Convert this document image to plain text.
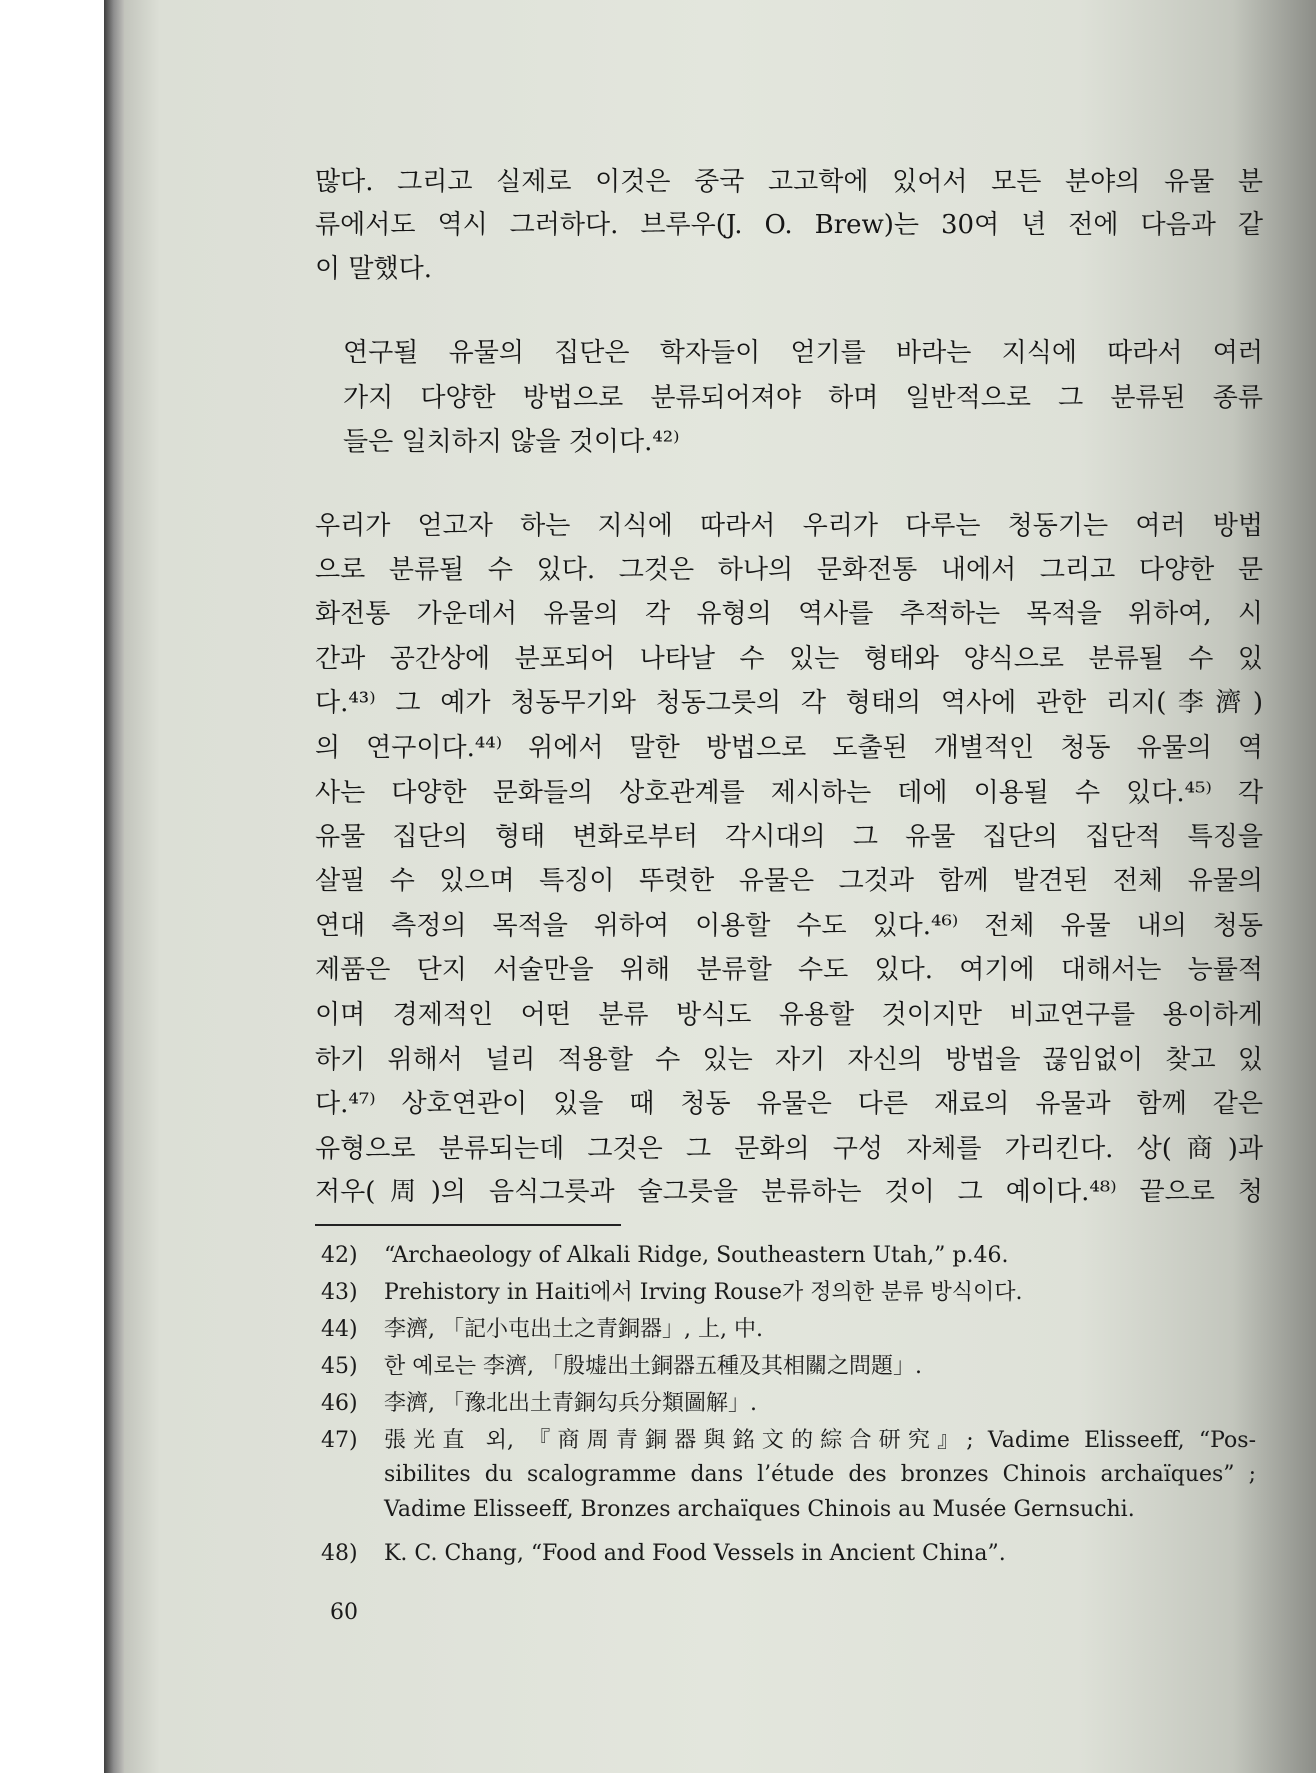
많다. 그리고 실제로 이것은 중국 고고학에 있어서 모든 분야의 유물 분
류에서도 역시 그러하다. 브루우(J. O. Brew)는 30여 년 전에 다음과 같
이 말했다.
연구될 유물의 집단은 학자들이 얻기를 바라는 지식에 따라서 여러
가지 다양한 방법으로 분류되어져야 하며 일반적으로 그 분류된 종류
들은 일치하지 않을 것이다.⁴²⁾
우리가 얻고자 하는 지식에 따라서 우리가 다루는 청동기는 여러 방법
으로 분류될 수 있다. 그것은 하나의 문화전통 내에서 그리고 다양한 문
화전통 가운데서 유물의 각 유형의 역사를 추적하는 목적을 위하여, 시
간과 공간상에 분포되어 나타날 수 있는 형태와 양식으로 분류될 수 있
다.⁴³⁾ 그 예가 청동무기와 청동그릇의 각 형태의 역사에 관한 리지(李濟)
의 연구이다.⁴⁴⁾ 위에서 말한 방법으로 도출된 개별적인 청동 유물의 역
사는 다양한 문화들의 상호관계를 제시하는 데에 이용될 수 있다.⁴⁵⁾ 각
유물 집단의 형태 변화로부터 각시대의 그 유물 집단의 집단적 특징을
살필 수 있으며 특징이 뚜렷한 유물은 그것과 함께 발견된 전체 유물의
연대 측정의 목적을 위하여 이용할 수도 있다.⁴⁶⁾ 전체 유물 내의 청동
제품은 단지 서술만을 위해 분류할 수도 있다. 여기에 대해서는 능률적
이며 경제적인 어떤 분류 방식도 유용할 것이지만 비교연구를 용이하게
하기 위해서 널리 적용할 수 있는 자기 자신의 방법을 끊임없이 찾고 있
다.⁴⁷⁾ 상호연관이 있을 때 청동 유물은 다른 재료의 유물과 함께 같은
유형으로 분류되는데 그것은 그 문화의 구성 자체를 가리킨다. 상(商)과
저우(周)의 음식그릇과 술그릇을 분류하는 것이 그 예이다.⁴⁸⁾ 끝으로 청
42)	“Archaeology of Alkali Ridge, Southeastern Utah,” p.46.
43)	Prehistory in Haiti에서 Irving Rouse가 정의한 분류 방식이다.
44)	李濟, 「記小屯出土之青銅器」, 上, 中.
45)	한 예로는 李濟, 「殷墟出土銅器五種及其相關之問題」.
46)	李濟, 「豫北出土青銅勾兵分類圖解」.
47)	張光直 외, 『商周青銅器與銘文的綜合研究』; Vadime Elisseeff, “Pos-
sibilites du scalogramme dans l’étude des bronzes Chinois archaïques” ;
Vadime Elisseeff, Bronzes archaïques Chinois au Musée Gernsuchi.
48)	K. C. Chang, “Food and Food Vessels in Ancient China”.
60
